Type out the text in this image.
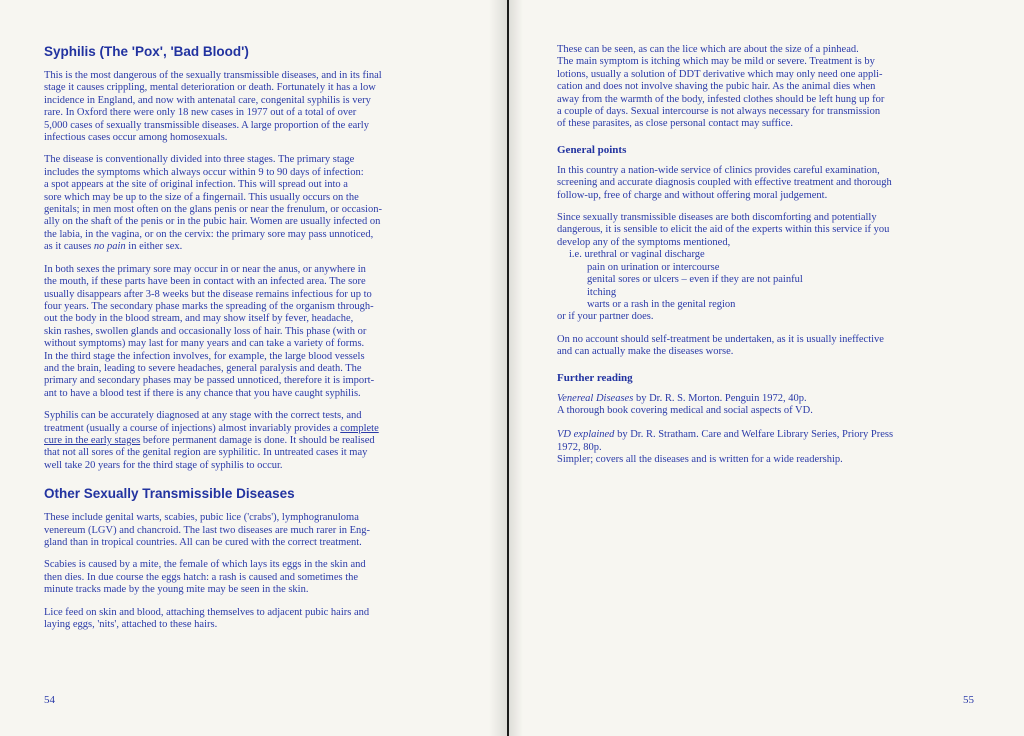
Syphilis (The 'Pox', 'Bad Blood')

This is the most dangerous of the sexually transmissible diseases, and in its final
stage it causes crippling, mental deterioration or death. Fortunately it has a low
incidence in England, and now with antenatal care, congenital syphilis is very
rare. In Oxford there were only 18 new cases in 1977 out of a total of over
5,000 cases of sexually transmissible diseases. A large proportion of the early
infectious cases occur among homosexuals.

The disease is conventionally divided into three stages. The primary stage
includes the symptoms which always occur within 9 to 90 days of infection:
a spot appears at the site of original infection. This will spread out into a
sore which may be up to the size of a fingernail. This usually occurs on the
genitals; in men most often on the glans penis or near the frenulum, or occasion-
ally on the shaft of the penis or in the pubic hair. Women are usually infected on
the labia, in the vagina, or on the cervix: the primary sore may pass unnoticed,
as it causes no pain in either sex.

In both sexes the primary sore may occur in or near the anus, or anywhere in
the mouth, if these parts have been in contact with an infected area. The sore
usually disappears after 3-8 weeks but the disease remains infectious for up to
four years. The secondary phase marks the spreading of the organism through-
out the body in the blood stream, and may show itself by fever, headache,
skin rashes, swollen glands and occasionally loss of hair. This phase (with or
without symptoms) may last for many years and can take a variety of forms.
In the third stage the infection involves, for example, the large blood vessels
and the brain, leading to severe headaches, general paralysis and death. The
primary and secondary phases may be passed unnoticed, therefore it is import-
ant to have a blood test if there is any chance that you have caught syphilis.

Syphilis can be accurately diagnosed at any stage with the correct tests, and
treatment (usually a course of injections) almost invariably provides a complete
cure in the early stages before permanent damage is done. It should be realised
that not all sores of the genital region are syphilitic. In untreated cases it may
well take 20 years for the third stage of syphilis to occur.

Other Sexually Transmissible Diseases

These include genital warts, scabies, pubic lice ('crabs'), lymphogranuloma
venereum (LGV) and chancroid. The last two diseases are much rarer in Eng-
gland than in tropical countries. All can be cured with the correct treatment.

Scabies is caused by a mite, the female of which lays its eggs in the skin and
then dies. In due course the eggs hatch: a rash is caused and sometimes the
minute tracks made by the young mite may be seen in the skin.

Lice feed on skin and blood, attaching themselves to adjacent pubic hairs and
laying eggs, 'nits', attached to these hairs.

54

These can be seen, as can the lice which are about the size of a pinhead.
The main symptom is itching which may be mild or severe. Treatment is by
lotions, usually a solution of DDT derivative which may only need one appli-
cation and does not involve shaving the pubic hair. As the animal dies when
away from the warmth of the body, infested clothes should be left hung up for
a couple of days. Sexual intercourse is not always necessary for transmission
of these parasites, as close personal contact may suffice.

General points

In this country a nation-wide service of clinics provides careful examination,
screening and accurate diagnosis coupled with effective treatment and thorough
follow-up, free of charge and without offering moral judgement.

Since sexually transmissible diseases are both discomforting and potentially
dangerous, it is sensible to elicit the aid of the experts within this service if you
develop any of the symptoms mentioned,

i.e. urethral or vaginal discharge
pain on urination or intercourse
genital sores or ulcers – even if they are not painful
itching
warts or a rash in the genital region

or if your partner does.

On no account should self-treatment be undertaken, as it is usually ineffective
and can actually make the diseases worse.

Further reading

Venereal Diseases by Dr. R. S. Morton. Penguin 1972, 40p.

A thorough book covering medical and social aspects of VD.

VD explained by Dr. R. Stratham. Care and Welfare Library Series, Priory Press
1972, 80p.

Simpler; covers all the diseases and is written for a wide readership.

55
